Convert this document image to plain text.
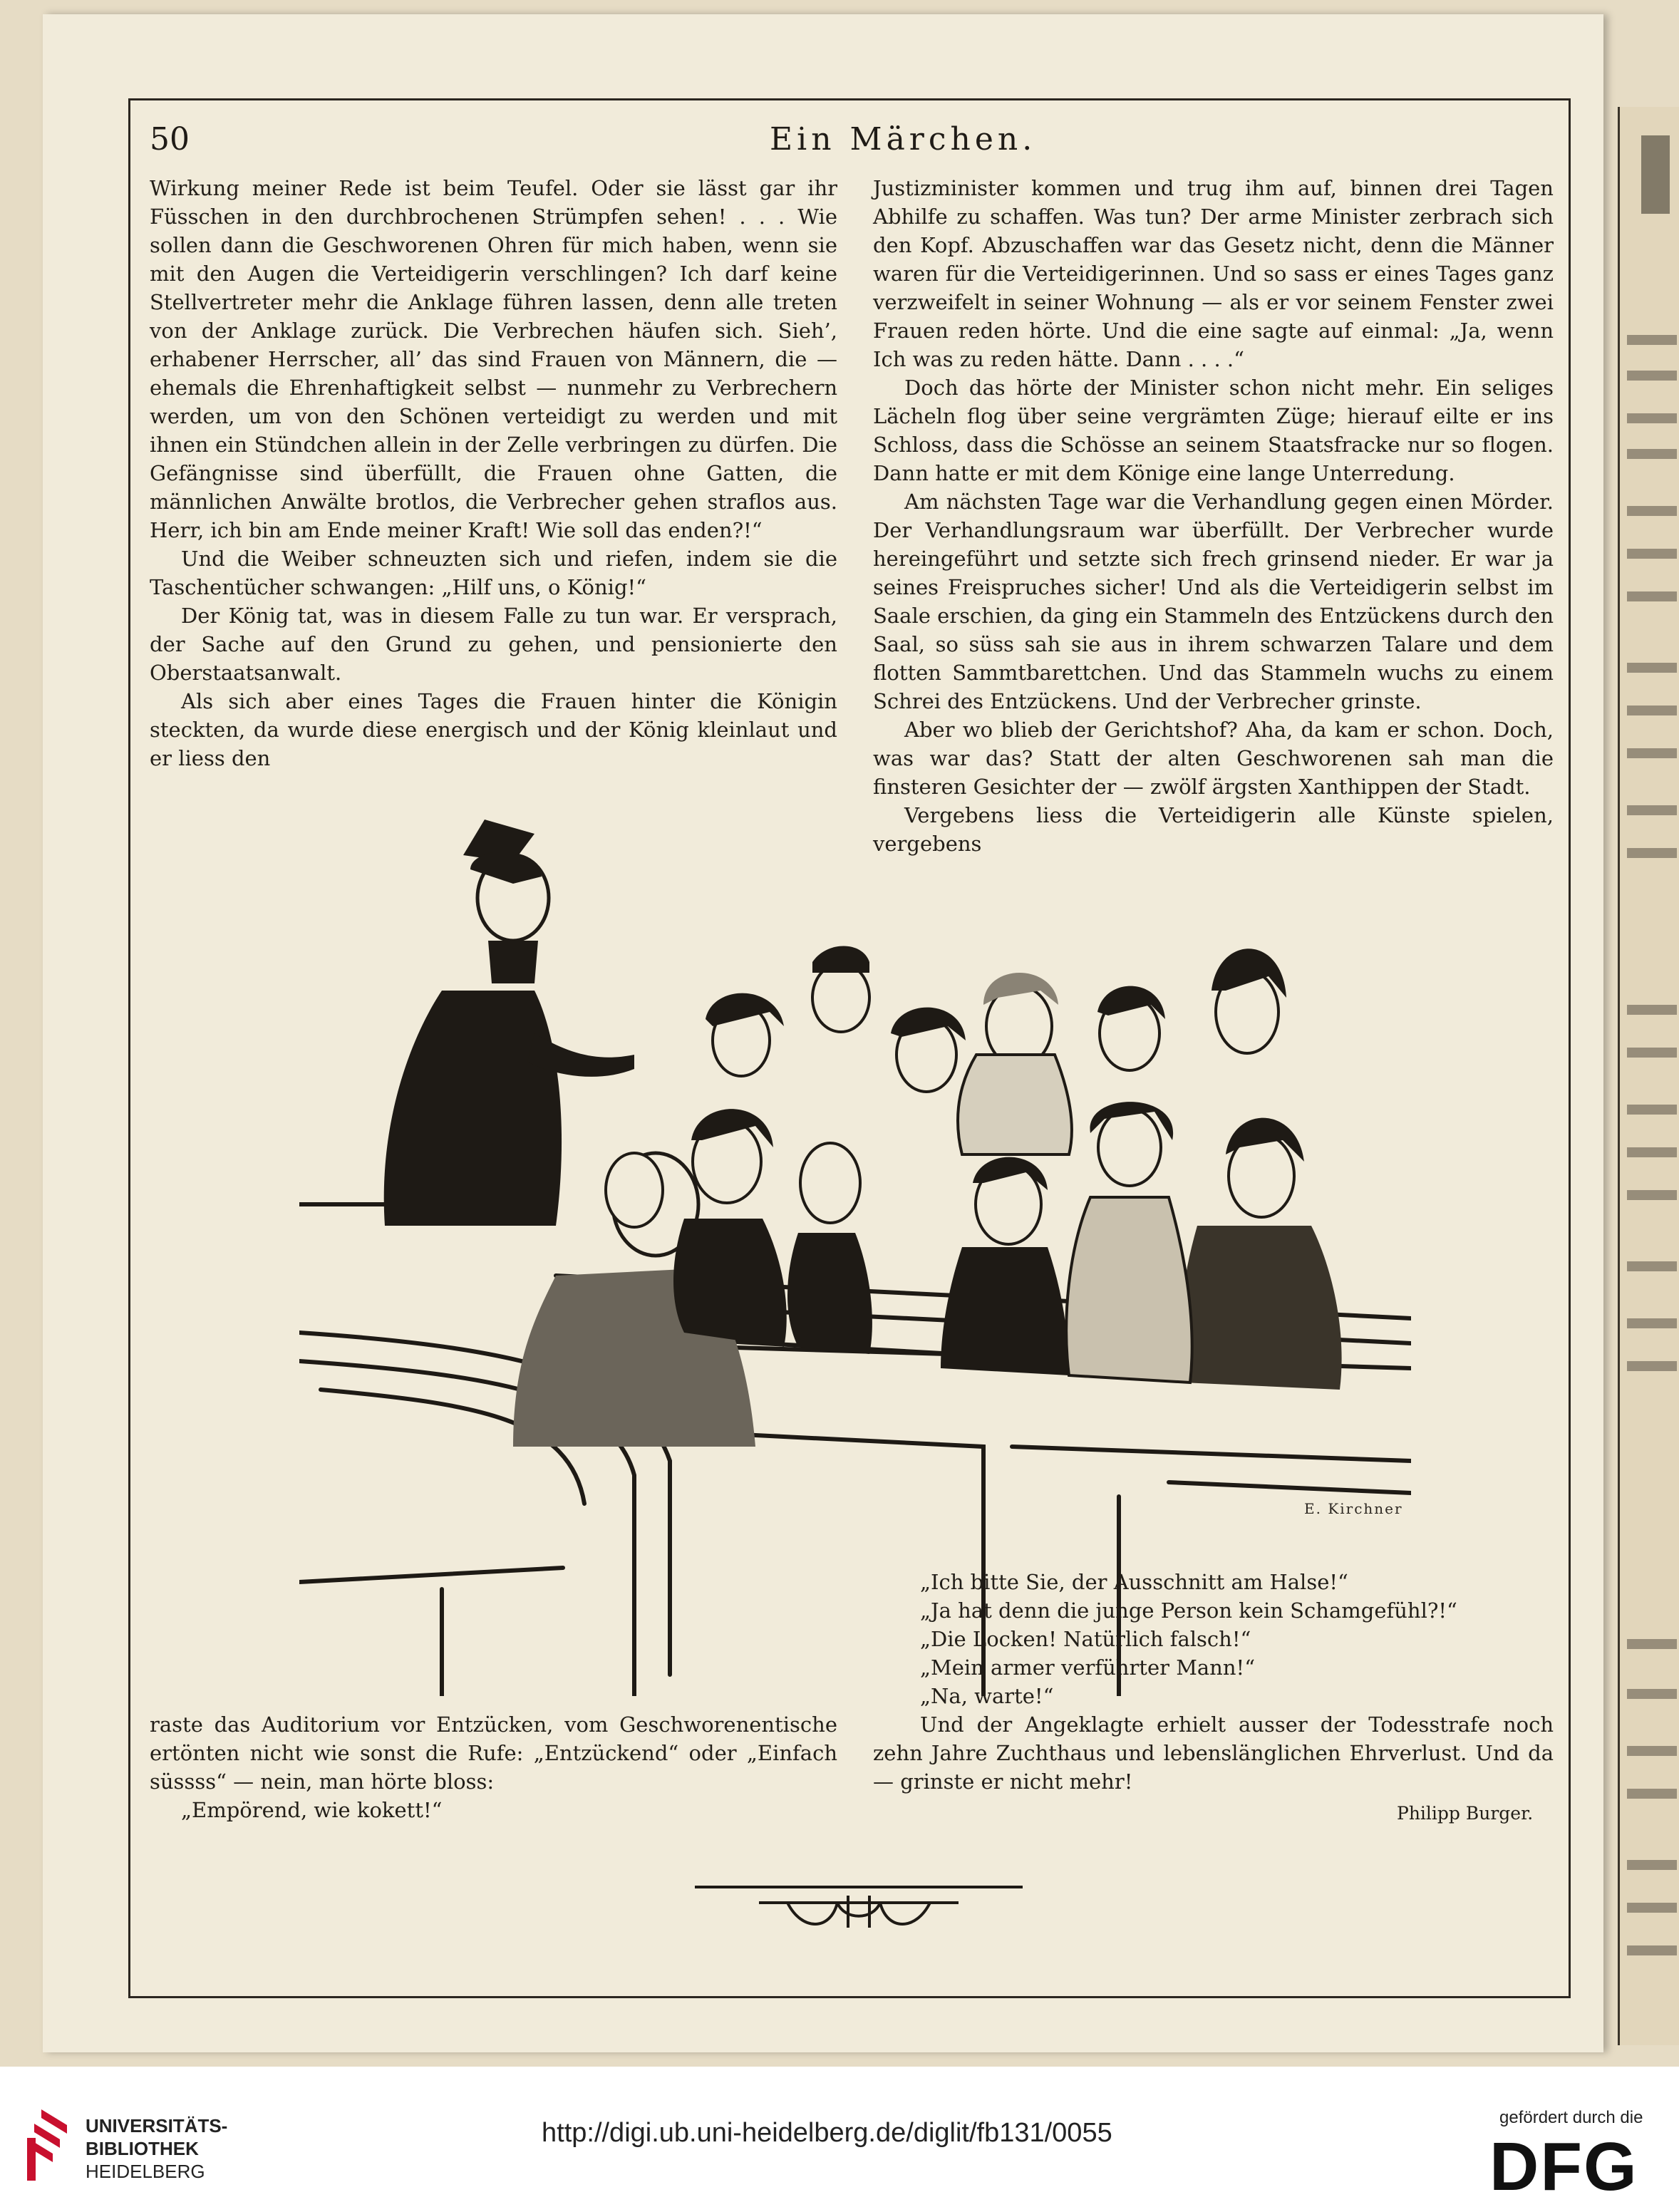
50	Ein Märchen.

Wirkung meiner Rede ist beim Teufel. Oder sie lässt gar ihr Füsschen in den durchbrochenen Strümpfen sehen! . . . Wie sollen dann die Geschworenen Ohren für mich haben, wenn sie mit den Augen die Verteidigerin verschlingen? Ich darf keine Stellvertreter mehr die Anklage führen lassen, denn alle treten von der Anklage zurück. Die Verbrechen häufen sich. Sieh’, erhabener Herrscher, all’ das sind Frauen von Männern, die — ehemals die Ehrenhaftigkeit selbst — nunmehr zu Verbrechern werden, um von den Schönen verteidigt zu werden und mit ihnen ein Stündchen allein in der Zelle verbringen zu dürfen. Die Gefängnisse sind überfüllt, die Frauen ohne Gatten, die männlichen Anwälte brotlos, die Verbrecher gehen straflos aus. Herr, ich bin am Ende meiner Kraft! Wie soll das enden?!“

Und die Weiber schneuzten sich und riefen, indem sie die Taschentücher schwangen: „Hilf uns, o König!“

Der König tat, was in diesem Falle zu tun war. Er versprach, der Sache auf den Grund zu gehen, und pensionierte den Oberstaatsanwalt.

Als sich aber eines Tages die Frauen hinter die Königin steckten, da wurde diese energisch und der König kleinlaut und er liess den

Justizminister kommen und trug ihm auf, binnen drei Tagen Abhilfe zu schaffen. Was tun? Der arme Minister zerbrach sich den Kopf. Abzuschaffen war das Gesetz nicht, denn die Männer waren für die Verteidigerinnen. Und so sass er eines Tages ganz verzweifelt in seiner Wohnung — als er vor seinem Fenster zwei Frauen reden hörte. Und die eine sagte auf einmal: „Ja, wenn Ich was zu reden hätte. Dann . . . .“

Doch das hörte der Minister schon nicht mehr. Ein seliges Lächeln flog über seine vergrämten Züge; hierauf eilte er ins Schloss, dass die Schösse an seinem Staatsfracke nur so flogen. Dann hatte er mit dem Könige eine lange Unterredung.

Am nächsten Tage war die Verhandlung gegen einen Mörder. Der Verhandlungsraum war überfüllt. Der Verbrecher wurde hereingeführt und setzte sich frech grinsend nieder. Er war ja seines Freispruches sicher! Und als die Verteidigerin selbst im Saale erschien, da ging ein Stammeln des Entzückens durch den Saal, so süss sah sie aus in ihrem schwarzen Talare und dem flotten Sammtbarettchen. Und das Stammeln wuchs zu einem Schrei des Entzückens. Und der Verbrecher grinste.

Aber wo blieb der Gerichtshof? Aha, da kam er schon. Doch, was war das? Statt der alten Geschworenen sah man die finsteren Gesichter der — zwölf ärgsten Xanthippen der Stadt.

Vergebens liess die Verteidigerin alle Künste spielen, vergebens

E. Kirchner

raste das Auditorium vor Entzücken, vom Geschworenentische ertönten nicht wie sonst die Rufe: „Entzückend“ oder „Einfach süssss“ — nein, man hörte bloss:

„Empörend, wie kokett!“

„Ich bitte Sie, der Ausschnitt am Halse!“

„Ja hat denn die junge Person kein Schamgefühl?!“

„Die Locken! Natürlich falsch!“

„Mein armer verführter Mann!“

„Na, warte!“

Und der Angeklagte erhielt ausser der Todesstrafe noch zehn Jahre Zuchthaus und lebenslänglichen Ehrverlust. Und da — grinste er nicht mehr!

Philipp Burger.
UNIVERSITÄTS-
BIBLIOTHEK
HEIDELBERG
http://digi.ub.uni-heidelberg.de/diglit/fb131/0055
gefördert durch die
DFG
